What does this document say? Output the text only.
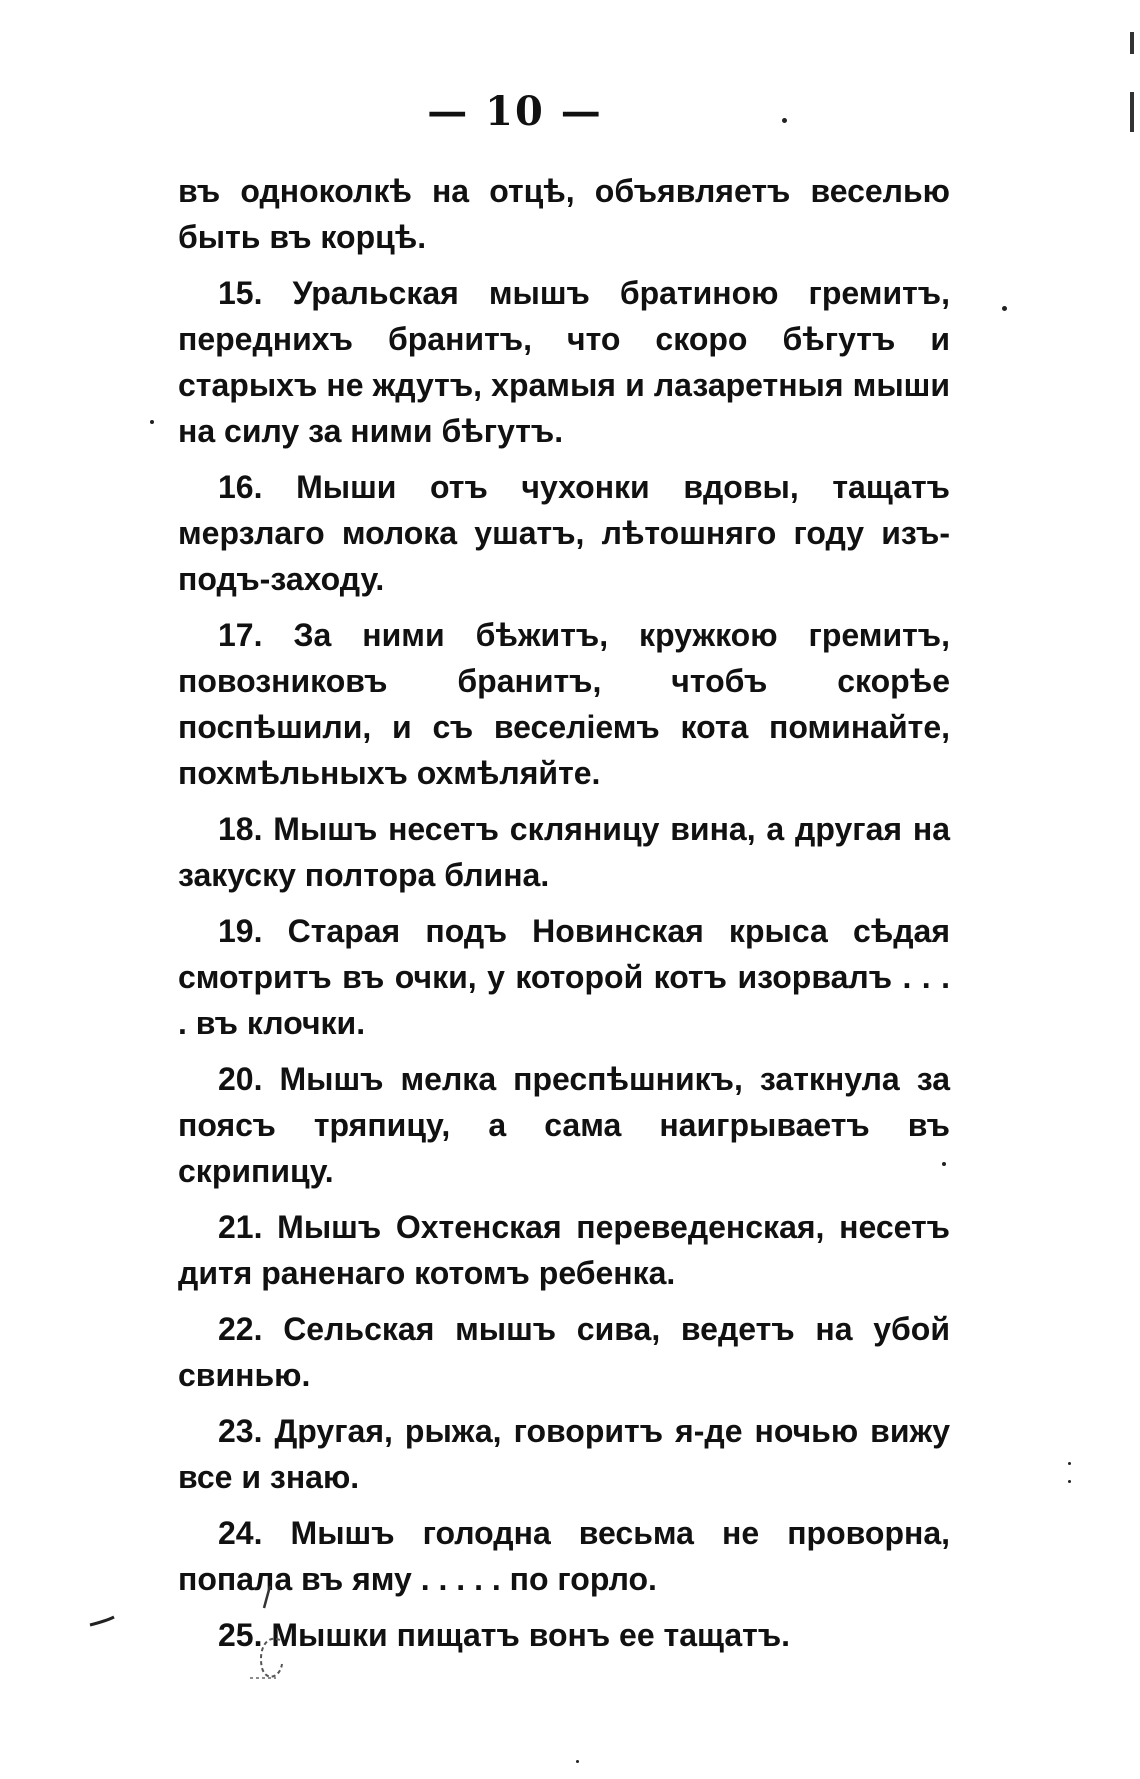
— 10 —

въ одноколкѣ на отцѣ, объявляетъ веселью быть въ корцѣ.

15. Уральская мышъ братиною гремитъ, переднихъ бранитъ, что скоро бѣгутъ и старыхъ не ждутъ, храмыя и лазаретныя мыши на силу за ними бѣгутъ.

16. Мыши отъ чухонки вдовы, тащатъ мерзлаго молока ушатъ, лѣтошняго году изъ-подъ-заходу.

17. За ними бѣжитъ, кружкою гремитъ, повозниковъ бранитъ, чтобъ скорѣе поспѣшили, и съ веселіемъ кота поминайте, похмѣльныхъ охмѣляйте.

18. Мышъ несетъ скляницу вина, а другая на закуску полтора блина.

19. Старая подъ Новинская крыса сѣдая смотритъ въ очки, у которой котъ изорвалъ . . . . въ клочки.

20. Мышъ мелка преспѣшникъ, заткнула за поясъ тряпицу, а сама наигрываетъ въ скрипицу.

21. Мышъ Охтенская переведенская, несетъ дитя раненаго котомъ ребенка.

22. Сельская мышъ сива, ведетъ на убой свинью.

23. Другая, рыжа, говоритъ я-де ночью вижу все и знаю.

24. Мышъ голодна весьма не проворна, попала въ яму . . . . . по горло.

25. Мышки пищатъ вонъ ее тащатъ.
